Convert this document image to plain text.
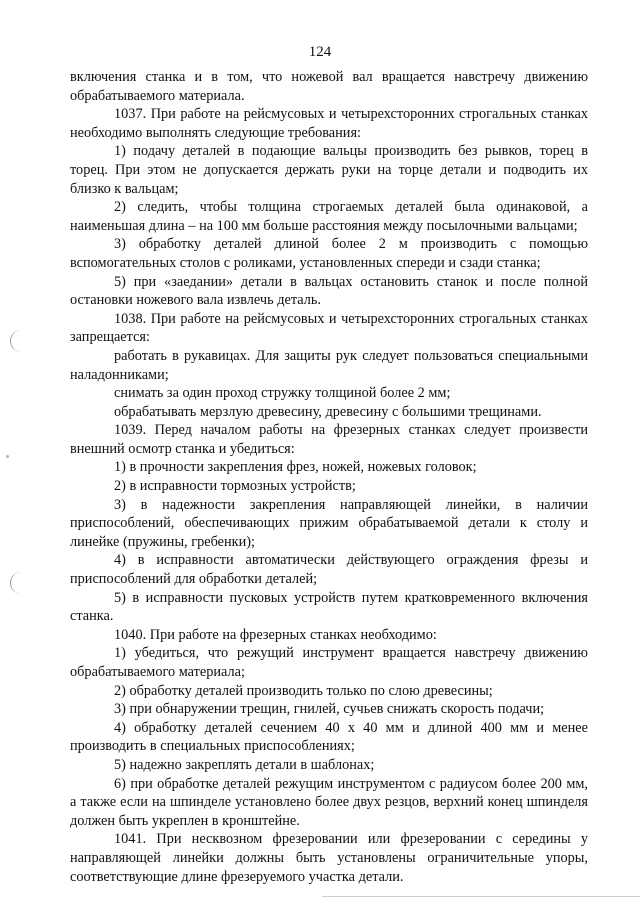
124

включения станка и в том, что ножевой вал вращается навстречу движению обрабатываемого материала.

1037. При работе на рейсмусовых и четырехсторонних строгальных станках необходимо выполнять следующие требования:

1) подачу деталей в подающие вальцы производить без рывков, торец в торец. При этом не допускается держать руки на торце детали и подводить их близко к вальцам;

2) следить, чтобы толщина строгаемых деталей была одинаковой, а наименьшая длина – на 100 мм больше расстояния между посылочными вальцами;

3) обработку деталей длиной более 2 м производить с помощью вспомогательных столов с роликами, установленных спереди и сзади станка;

5) при «заедании» детали в вальцах остановить станок и после полной остановки ножевого вала извлечь деталь.

1038. При работе на рейсмусовых и четырехсторонних строгальных станках запрещается:

работать в рукавицах. Для защиты рук следует пользоваться специальными наладонниками;

снимать за один проход стружку толщиной более 2 мм;

обрабатывать мерзлую древесину, древесину с большими трещинами.

1039. Перед началом работы на фрезерных станках следует произвести внешний осмотр станка и убедиться:

1) в прочности закрепления фрез, ножей, ножевых головок;

2) в исправности тормозных устройств;

3) в надежности закрепления направляющей линейки, в наличии приспособлений, обеспечивающих прижим обрабатываемой детали к столу и линейке (пружины, гребенки);

4) в исправности автоматически действующего ограждения фрезы и приспособлений для обработки деталей;

5) в исправности пусковых устройств путем кратковременного включения станка.

1040. При работе на фрезерных станках необходимо:

1) убедиться, что режущий инструмент вращается навстречу движению обрабатываемого материала;

2) обработку деталей производить только по слою древесины;

3) при обнаружении трещин, гнилей, сучьев снижать скорость подачи;

4) обработку деталей сечением 40 х 40 мм и длиной 400 мм и менее производить в специальных приспособлениях;

5) надежно закреплять детали в шаблонах;

6) при обработке деталей режущим инструментом с радиусом более 200 мм, а также если на шпинделе установлено более двух резцов, верхний конец шпинделя должен быть укреплен в кронштейне.

1041. При несквозном фрезеровании или фрезеровании с середины у направляющей линейки должны быть установлены ограничительные упоры, соответствующие длине фрезеруемого участка детали.
